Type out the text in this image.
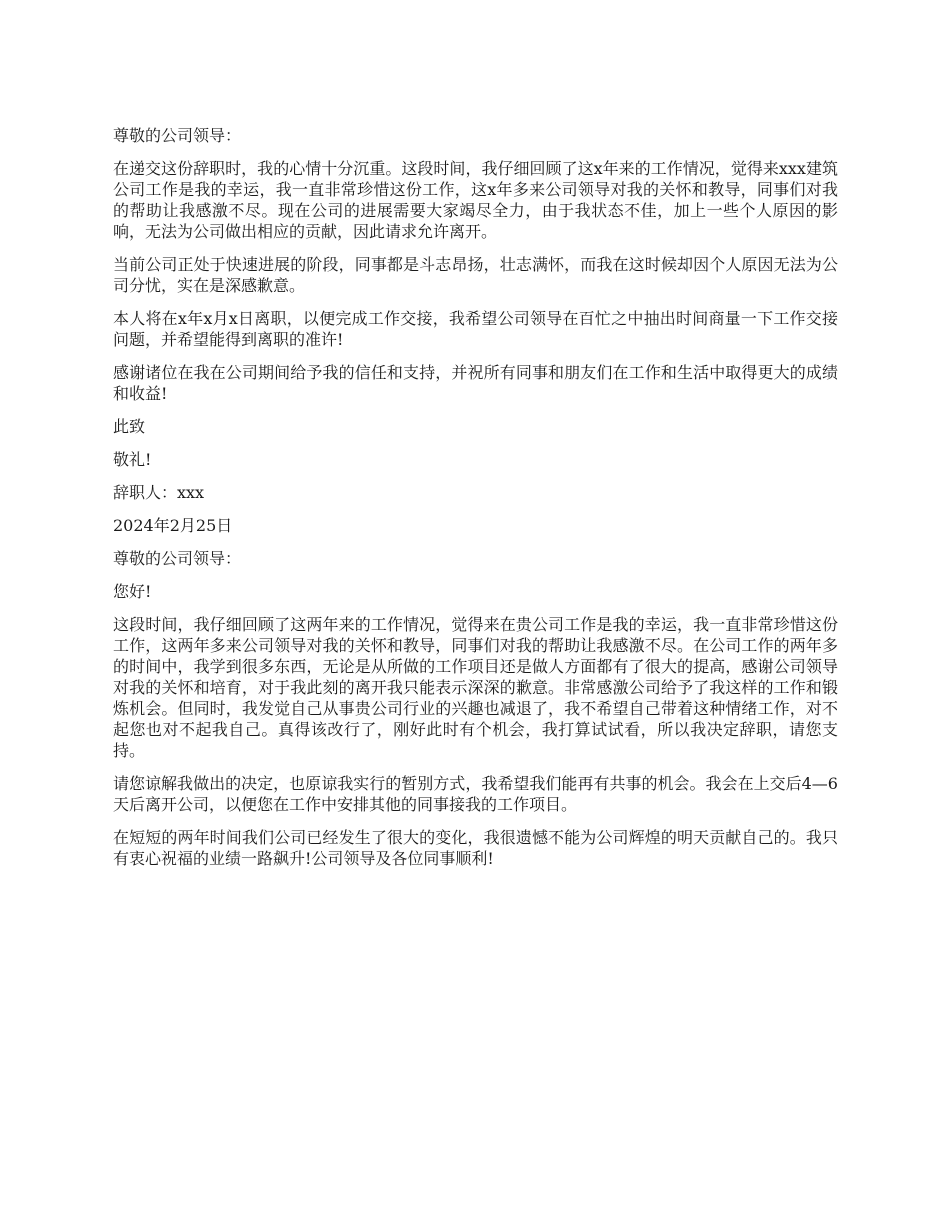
尊敬的公司领导：

在递交这份辞职时，我的心情十分沉重。这段时间，我仔细回顾了这x年来的工作情况，觉得来xxx建筑公司工作是我的幸运，我一直非常珍惜这份工作，这x年多来公司领导对我的关怀和教导，同事们对我的帮助让我感激不尽。现在公司的进展需要大家竭尽全力，由于我状态不佳，加上一些个人原因的影响，无法为公司做出相应的贡献，因此请求允许离开。

当前公司正处于快速进展的阶段，同事都是斗志昂扬，壮志满怀，而我在这时候却因个人原因无法为公司分忧，实在是深感歉意。

本人将在x年x月x日离职，以便完成工作交接，我希望公司领导在百忙之中抽出时间商量一下工作交接问题，并希望能得到离职的准许!

感谢诸位在我在公司期间给予我的信任和支持，并祝所有同事和朋友们在工作和生活中取得更大的成绩和收益!

此致

敬礼!

辞职人：xxx

2024年2月25日

尊敬的公司领导：

您好!

这段时间，我仔细回顾了这两年来的工作情况，觉得来在贵公司工作是我的幸运，我一直非常珍惜这份工作，这两年多来公司领导对我的关怀和教导，同事们对我的帮助让我感激不尽。在公司工作的两年多的时间中，我学到很多东西，无论是从所做的工作项目还是做人方面都有了很大的提高，感谢公司领导对我的关怀和培育，对于我此刻的离开我只能表示深深的歉意。非常感激公司给予了我这样的工作和锻炼机会。但同时，我发觉自己从事贵公司行业的兴趣也减退了，我不希望自己带着这种情绪工作，对不起您也对不起我自己。真得该改行了，刚好此时有个机会，我打算试试看，所以我决定辞职，请您支持。

请您谅解我做出的决定，也原谅我实行的暂别方式，我希望我们能再有共事的机会。我会在上交后4—6天后离开公司，以便您在工作中安排其他的同事接我的工作项目。

在短短的两年时间我们公司已经发生了很大的变化，我很遗憾不能为公司辉煌的明天贡献自己的。我只有衷心祝福的业绩一路飙升!公司领导及各位同事顺利!
